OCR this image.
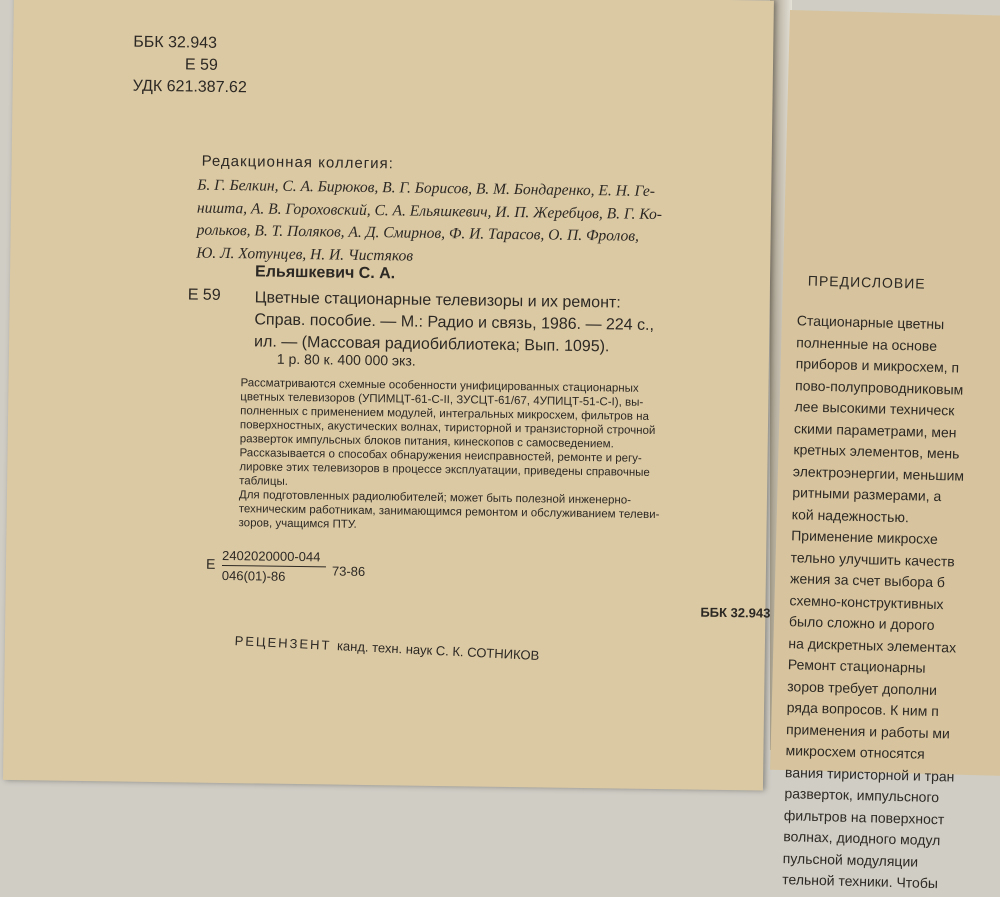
ПРЕДИСЛОВИЕ
Стационарные цветны
полненные на основе
приборов и микросхем, п
пово-полупроводниковым
лее высокими техническ
скими параметрами, мен
кретных элементов, мень
электроэнергии, меньшим
ритными размерами, а
кой надежностью.
Применение микросхе
тельно улучшить качеств
жения за счет выбора б
схемно-конструктивных
было сложно и дорого
на дискретных элементах
Ремонт стационарны
зоров требует дополни
ряда вопросов. К ним п
применения и работы ми
микросхем относятся
вания тиристорной и тран
разверток, импульсного
фильтров на поверхност
волнах, диодного модул
пульсной модуляции
тельной техники. Чтобы
ББК 32.943
Е 59
УДК 621.387.62
Редакционная коллегия:
Б. Г. Белкин, С. А. Бирюков, В. Г. Борисов, В. М. Бондаренко, Е. Н. Ге-
ништа, А. В. Гороховский, С. А. Ельяшкевич, И. П. Жеребцов, В. Г. Ко-
рольков, В. Т. Поляков, А. Д. Смирнов, Ф. И. Тарасов, О. П. Фролов,
Ю. Л. Хотунцев, Н. И. Чистяков
Ельяшкевич С. А.
Е 59 Цветные стационарные телевизоры и их ремонт:
Справ. пособие. — М.: Радио и связь, 1986. — 224 с.,
ил. — (Массовая радиобиблиотека; Вып. 1095).
1 р. 80 к. 400 000 экз.
Рассматриваются схемные особенности унифицированных стационарных
цветных телевизоров (УПИМЦТ-61-С-II, ЗУСЦТ-61/67, 4УПИЦТ-51-С-I), вы-
полненных с применением модулей, интегральных микросхем, фильтров на
поверхностных, акустических волнах, тиристорной и транзисторной строчной
разверток импульсных блоков питания, кинескопов с самосведением.
Рассказывается о способах обнаружения неисправностей, ремонте и регу-
лировке этих телевизоров в процессе эксплуатации, приведены справочные
таблицы.
Для подготовленных радиолюбителей; может быть полезной инженерно-
техническим работникам, занимающимся ремонтом и обслуживанием телеви-
зоров, учащимся ПТУ.
Е 2402020000-044
046(01)-86	73-86
ББК 32.943
РЕЦЕНЗЕНТ канд. техн. наук С. К. СОТНИКОВ
